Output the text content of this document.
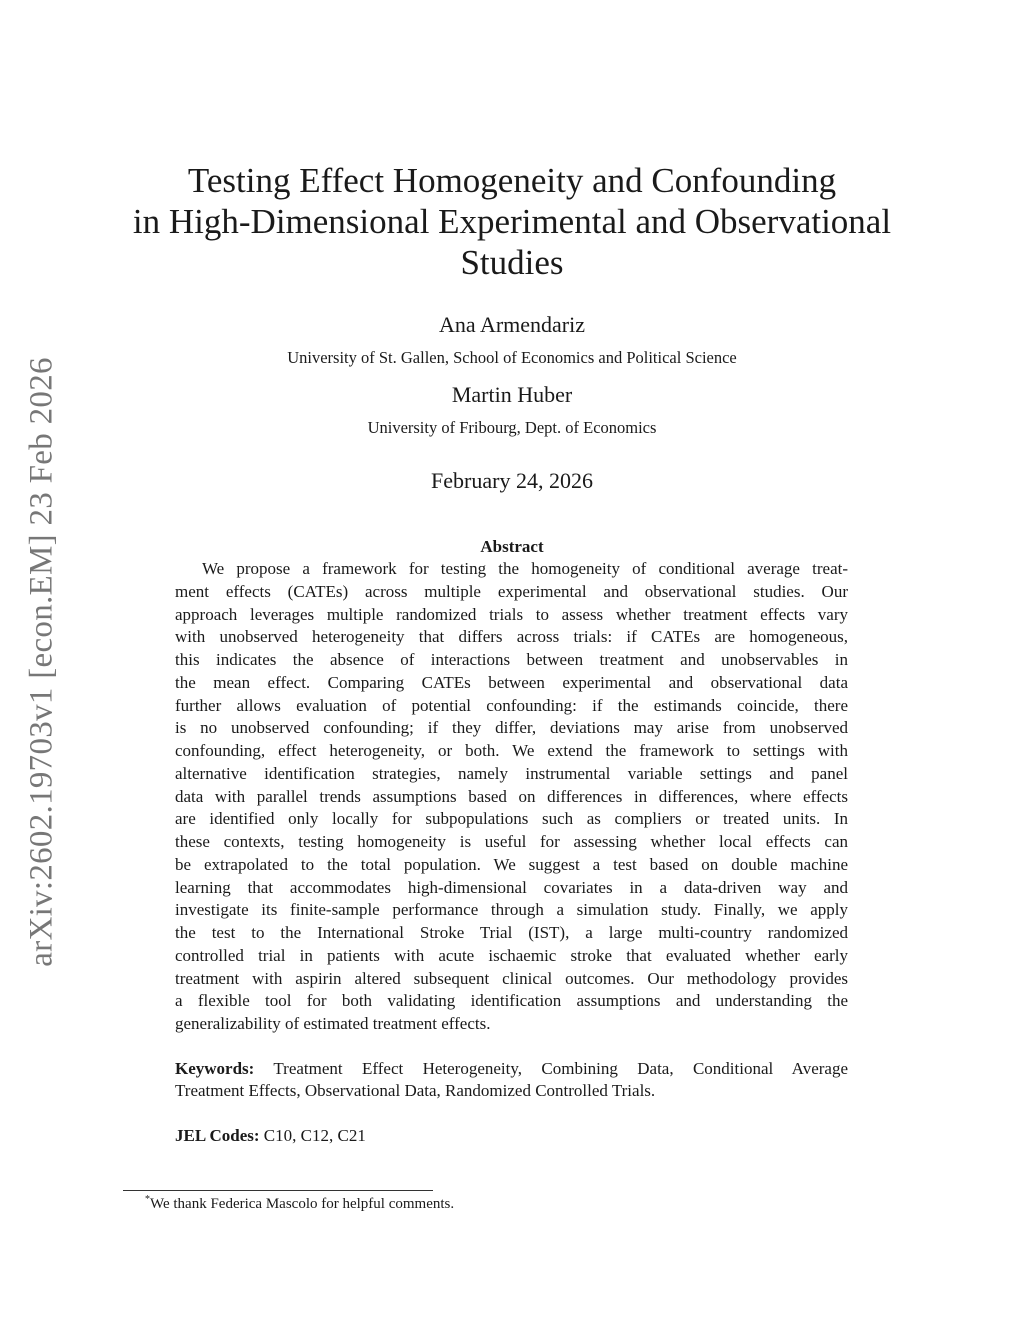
arXiv:2602.19703v1 [econ.EM] 23 Feb 2026
Testing Effect Homogeneity and Confounding
in High-Dimensional Experimental and Observational
Studies
Ana Armendariz
University of St. Gallen, School of Economics and Political Science
Martin Huber
University of Fribourg, Dept. of Economics
February 24, 2026
Abstract
We propose a framework for testing the homogeneity of conditional average treat-
ment effects (CATEs) across multiple experimental and observational studies. Our
approach leverages multiple randomized trials to assess whether treatment effects vary
with unobserved heterogeneity that differs across trials: if CATEs are homogeneous,
this indicates the absence of interactions between treatment and unobservables in
the mean effect. Comparing CATEs between experimental and observational data
further allows evaluation of potential confounding: if the estimands coincide, there
is no unobserved confounding; if they differ, deviations may arise from unobserved
confounding, effect heterogeneity, or both. We extend the framework to settings with
alternative identification strategies, namely instrumental variable settings and panel
data with parallel trends assumptions based on differences in differences, where effects
are identified only locally for subpopulations such as compliers or treated units. In
these contexts, testing homogeneity is useful for assessing whether local effects can
be extrapolated to the total population. We suggest a test based on double machine
learning that accommodates high-dimensional covariates in a data-driven way and
investigate its finite-sample performance through a simulation study. Finally, we apply
the test to the International Stroke Trial (IST), a large multi-country randomized
controlled trial in patients with acute ischaemic stroke that evaluated whether early
treatment with aspirin altered subsequent clinical outcomes. Our methodology provides
a flexible tool for both validating identification assumptions and understanding the
generalizability of estimated treatment effects.
Keywords: Treatment Effect Heterogeneity, Combining Data, Conditional Average
Treatment Effects, Observational Data, Randomized Controlled Trials.
JEL Codes: C10, C12, C21
*We thank Federica Mascolo for helpful comments.
